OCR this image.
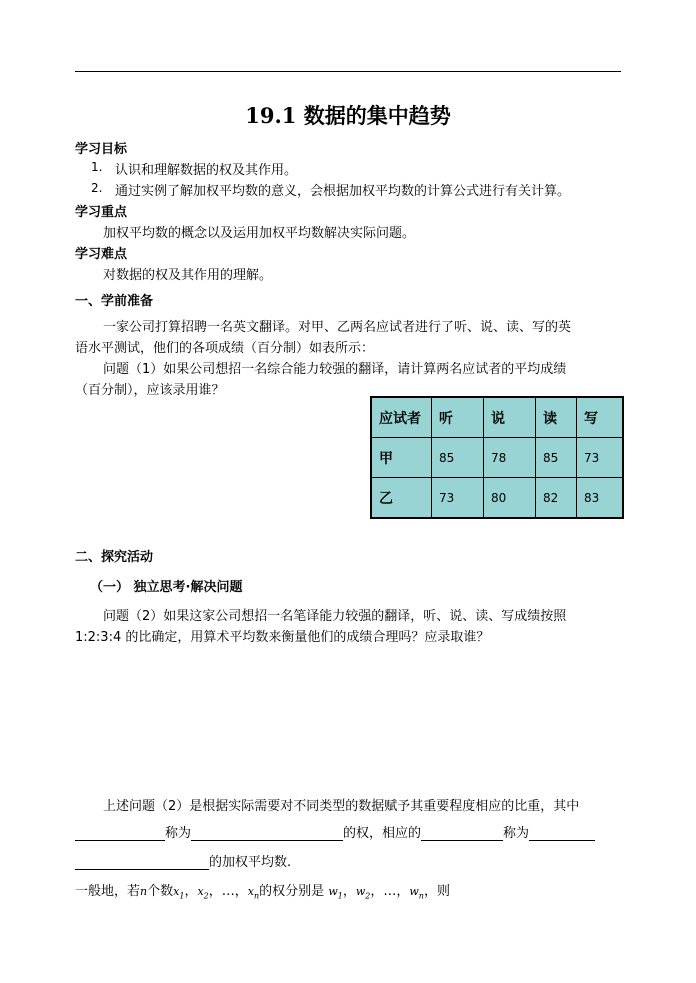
19.1 数据的集中趋势
学习目标
1. 认识和理解数据的权及其作用。
2. 通过实例了解加权平均数的意义，会根据加权平均数的计算公式进行有关计算。
学习重点
加权平均数的概念以及运用加权平均数解决实际问题。
学习难点
对数据的权及其作用的理解。
一、学前准备
一家公司打算招聘一名英文翻译。对甲、乙两名应试者进行了听、说、读、写的英
语水平测试，他们的各项成绩（百分制）如表所示：
问题（1）如果公司想招一名综合能力较强的翻译，请计算两名应试者的平均成绩
（百分制），应该录用谁？
应试者	听	说	读	写
甲	85	78	85	73
乙	73	80	82	83
二、探究活动
（一） 独立思考·解决问题
问题（2）如果这家公司想招一名笔译能力较强的翻译，听、说、读、写成绩按照
1:2:3:4 的比确定，用算术平均数来衡量他们的成绩合理吗？应录取谁？
上述问题（2）是根据实际需要对不同类型的数据赋予其重要程度相应的比重，其中
称为	的权，相应的	称为
的加权平均数.
一般地，若n个数$x_1$，$x_2$，…，$x_n$的权分别是 $w_1$，$w_2$，…，$w_n$，则
